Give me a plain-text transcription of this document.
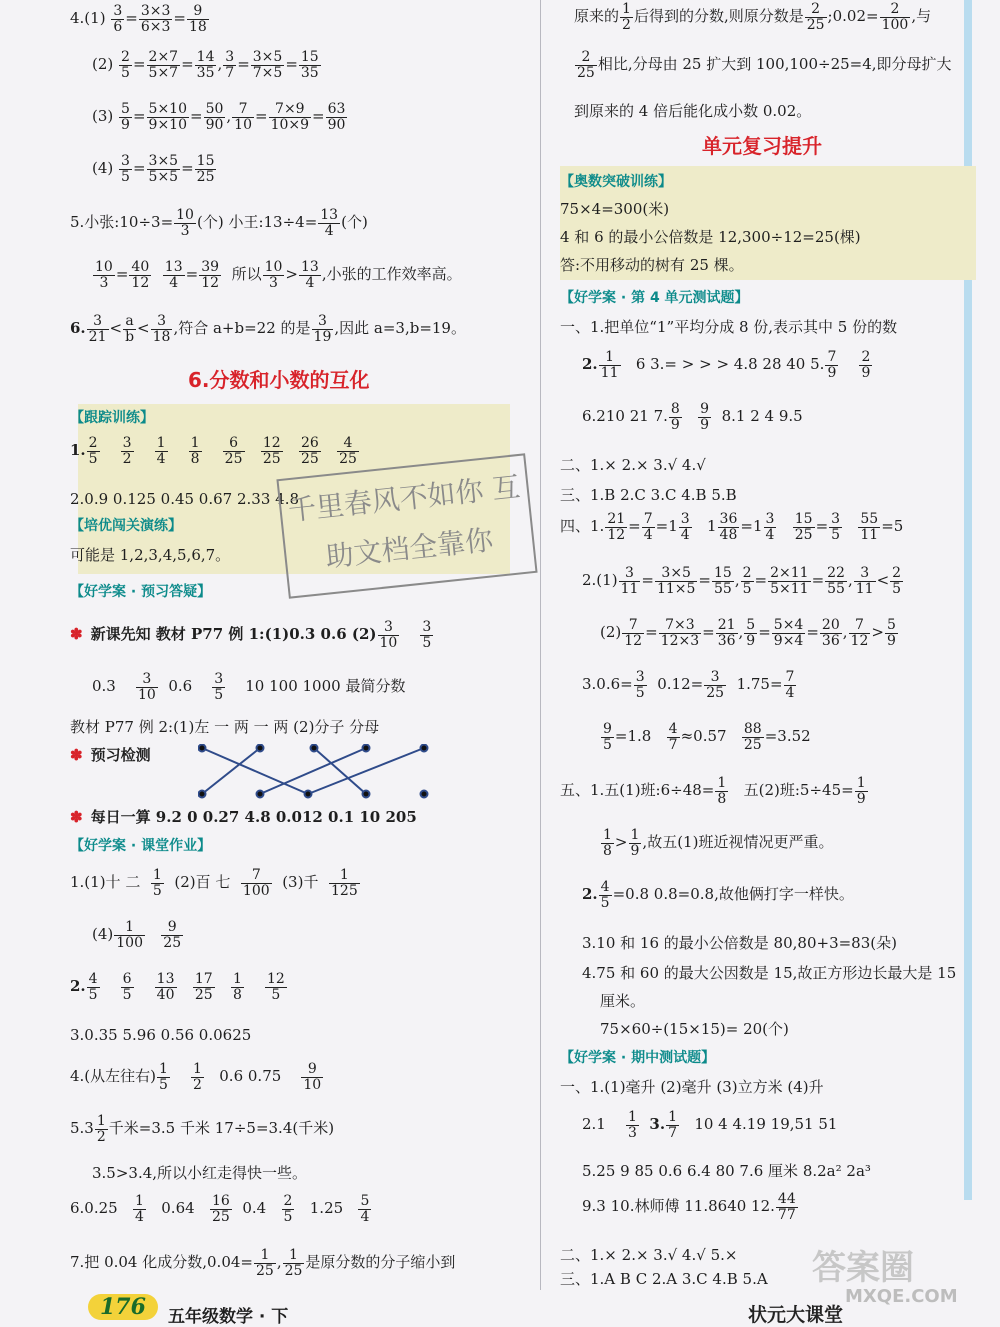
$4.(1) \frac{3}{6} = \frac{3\times 3}{6\times 3} = \frac{9}{18}$
$(2) \frac{2}{5} = \frac{2\times 7}{5\times 7} = \frac{14}{35}$ , $\frac{3}{7} = \frac{3\times 5}{7\times 5} = \frac{15}{35}$
$(3) \frac{5}{9} = \frac{5\times 10}{9\times 10} = \frac{50}{90}$ , $\frac{7}{10} = \frac{7\times 9}{10\times 9} = \frac{63}{90}$
$(4) \frac{3}{5} = \frac{3\times 5}{5\times 5} = \frac{15}{25}$
5.小张:10÷3= $\frac{10}{3}$ (个) 小王:13÷4= $\frac{13}{4}$ (个)
$\frac{10}{3} = \frac{40}{12}$
$\frac{13}{4} = \frac{39}{12}$ 所以 $\frac{10}{3} > \frac{13}{4}$ ,小张的工作效率高。
6. $\frac{3}{21} < \frac{a}{b} < \frac{3}{18}$ ,符合 a+b=22 的是 $\frac{3}{19}$ ,因此 a=3,b=19。
6.分数和小数的互化
【跟踪训练】
1. $\frac{2}{5}$
$\frac{3}{2}$
$\frac{1}{4}$
$\frac{1}{8}$
$\frac{6}{25}$
$\frac{12}{25}$
$\frac{26}{25}$
$\frac{4}{25}$
2.0.9 0.125 0.45 0.67 2.33 4.8
【培优闯关演练】
可能是 1,2,3,4,5,6,7。
【好学案 · 预习答疑】
✽ 新课先知 教材 P77 例 1:(1)0.3 0.6 $(2) \frac{3}{10}$
$\frac{3}{5}$
$0.3 \frac{3}{10} 0.6 \frac{3}{5} 10$ 100 1000 最简分数
教材 P77 例 2:(1)左 一 两 一 两 (2)分子 分母
✽ 预习检测
✽ 每日一算 9.2 0 0.27 4.8 0.012 0.1 10 205
【好学案 · 课堂作业】
1.(1)十 二 $\frac{1}{5} (2)$百 七 $\frac{7}{100} (3)$千 $\frac{1}{125}$
$(4) \frac{1}{100}$
$\frac{9}{25}$
2. $\frac{4}{5}$
$\frac{6}{5}$
$\frac{13}{40}$
$\frac{17}{25}$
$\frac{1}{8}$
$\frac{12}{5}$
3.0.35 5.96 0.56 0.0625
4.(从左往右) $\frac{1}{5}$
$\frac{1}{2} 0.6$ $0.75 \frac{9}{10}$
$5.3 \frac{1}{2}$ 千米=3.5 千米 17÷5=3.4(千米)
3.5>3.4,所以小红走得快一些。
$6.0.25 \frac{1}{4} 0.64 \frac{16}{25} 0.4 \frac{2}{5} 1.25 \frac{5}{4}$
7.把 0.04 化成分数$,0.04= \frac{1}{25}$ , $\frac{1}{25}$ 是原分数的分子缩小到
千里春风不如你 互助文档全靠你
原来的 $\frac{1}{2}$ 后得到的分数,则原分数是 $\frac{2}{25}$ ;0.02= $\frac{2}{100}$ ,与
$\frac{2}{25}$ 相比,分母由 25 扩大到 100,100÷25=4,即分母扩大
到原来的 4 倍后能化成小数 0.02。
单元复习提升
【奥数突破训练】
75×4=300(米)
4 和 6 的最小公倍数是 12,300÷12=25(棵)
答:不用移动的树有 25 棵。
【好学案 · 第 4 单元测试题】
一、1.把单位“1”平均分成 8 份,表示其中 5 份的数
2. $\frac{1}{11} 6$ 3.= > > > 4.8 28 40 5. $\frac{7}{9}$
$\frac{2}{9}$
6.210 21 7. $\frac{8}{9}$
$\frac{9}{9} 8.1$ 2 4 9.5
二、1.× 2.× 3.√ 4.√
三、1.B 2.C 3.C 4.B 5.B
四、1. $\frac{21}{12} = \frac{7}{4} =1 \frac{3}{4} 1 \frac{36}{48} =1 \frac{3}{4}$
$\frac{15}{25} = \frac{3}{5}$
$\frac{55}{11} =5$
$2.(1) \frac{3}{11} = \frac{3\times 5}{11\times 5} = \frac{15}{55}$ , $\frac{2}{5} = \frac{2\times 11}{5\times 11} = \frac{22}{55}$ , $\frac{3}{11} < \frac{2}{5}$
$(2) \frac{7}{12} = \frac{7\times 3}{12\times 3} = \frac{21}{36}$ , $\frac{5}{9} = \frac{5\times 4}{9\times 4} = \frac{20}{36}$ , $\frac{7}{12} > \frac{5}{9}$
$3.0.6= \frac{3}{5} 0.12= \frac{3}{25} 1.75= \frac{7}{4}$
$\frac{9}{5} =1.8 \frac{4}{7} \approx 0.57 \frac{88}{25} =3.52$
五、1.五(1)班:6÷48= $\frac{1}{8}$ 五(2)班:5÷45= $\frac{1}{9}$
$\frac{1}{8} > \frac{1}{9}$ ,故五(1)班近视情况更严重。
2. $\frac{4}{5} =0.8$ 0.8=0.8,故他俩打字一样快。
3.10 和 16 的最小公倍数是 80,80+3=83(朵)
4.75 和 60 的最大公因数是 15,故正方形边长最大是 15
厘米。
75×60÷(15×15)= 20(个)
【好学案 · 期中测试题】
一、1.(1)毫升 (2)毫升 (3)立方米 (4)升
$2.1 \frac{1}{3} 3$. $\frac{1}{7} 10$ 4 4.19 19,51 51
5.25 9 85 0.6 6.4 80 7.6 厘米 8.2a² 2a³
9.3 10.林师傅 11.8640 12. $\frac{44}{77}$
二、1.× 2.× 3.√ 4.√ 5.×
三、1.A B C 2.A 3.C 4.B 5.A
176	五年级数学 · 下	状元大课堂
答案圈
MXQE.COM
